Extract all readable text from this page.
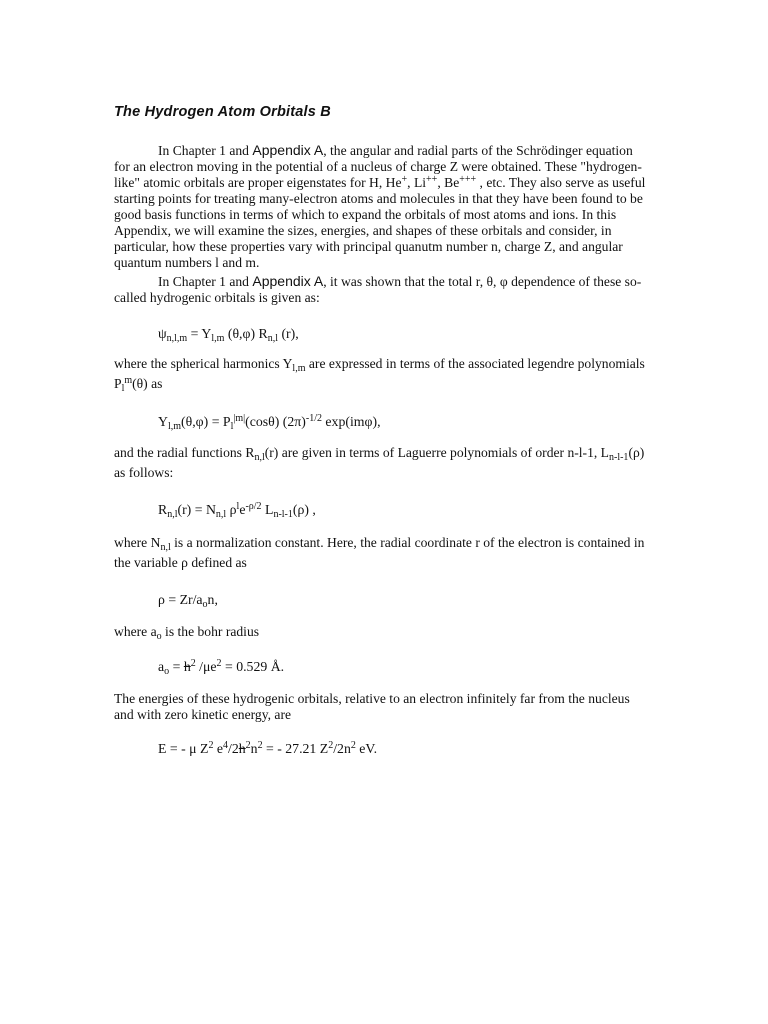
The Hydrogen Atom Orbitals B

In Chapter 1 and Appendix A, the angular and radial parts of the Schrödinger equation for an electron moving in the potential of a nucleus of charge Z were obtained. These "hydrogen-like" atomic orbitals are proper eigenstates for H, He+, Li++, Be+++ , etc. They also serve as useful starting points for treating many-electron atoms and molecules in that they have been found to be good basis functions in terms of which to expand the orbitals of most atoms and ions. In this Appendix, we will examine the sizes, energies, and shapes of these orbitals and consider, in particular, how these properties vary with principal quanutm number n, charge Z, and angular quantum numbers l and m.

In Chapter 1 and Appendix A, it was shown that the total r, θ, φ dependence of these so-called hydrogenic orbitals is given as:

$\psi_{n,l,m} = Y_{l,m}$ (θ,φ) $R_{n,l}$ (r),

where the spherical harmonics $Y_{l,m}$ are expressed in terms of the associated legendre polynomials $P_l^m(\theta)$ as

$Y_{l,m}(\theta,\varphi) = P_l^{|m|}(\cos\theta)$ $(2\pi)^{-1/2}$ exp(imφ),

and the radial functions $R_{n,l}(r)$ are given in terms of Laguerre polynomials of order n-l-1, $L_{n-l-1}(\rho)$ as follows:

$R_{n,l}(r) = N_{n,l}$ $\rho^le^{-\rho/2}$ $L_{n-l-1}(\rho)$ ,

where $N_{n,l}$ is a normalization constant. Here, the radial coordinate r of the electron is contained in the variable ρ defined as

$\rho = Zr/a_on$,

where $a_o$ is the bohr radius

$a_o = h^2$ $/\mu e^2 = 0.529$ Å.

The energies of these hydrogenic orbitals, relative to an electron infinitely far from the nucleus and with zero kinetic energy, are

E = - μ $Z^2$ $e^4/2h^2n^2$ = - 27.21 $Z^2/2n^2$ eV.
